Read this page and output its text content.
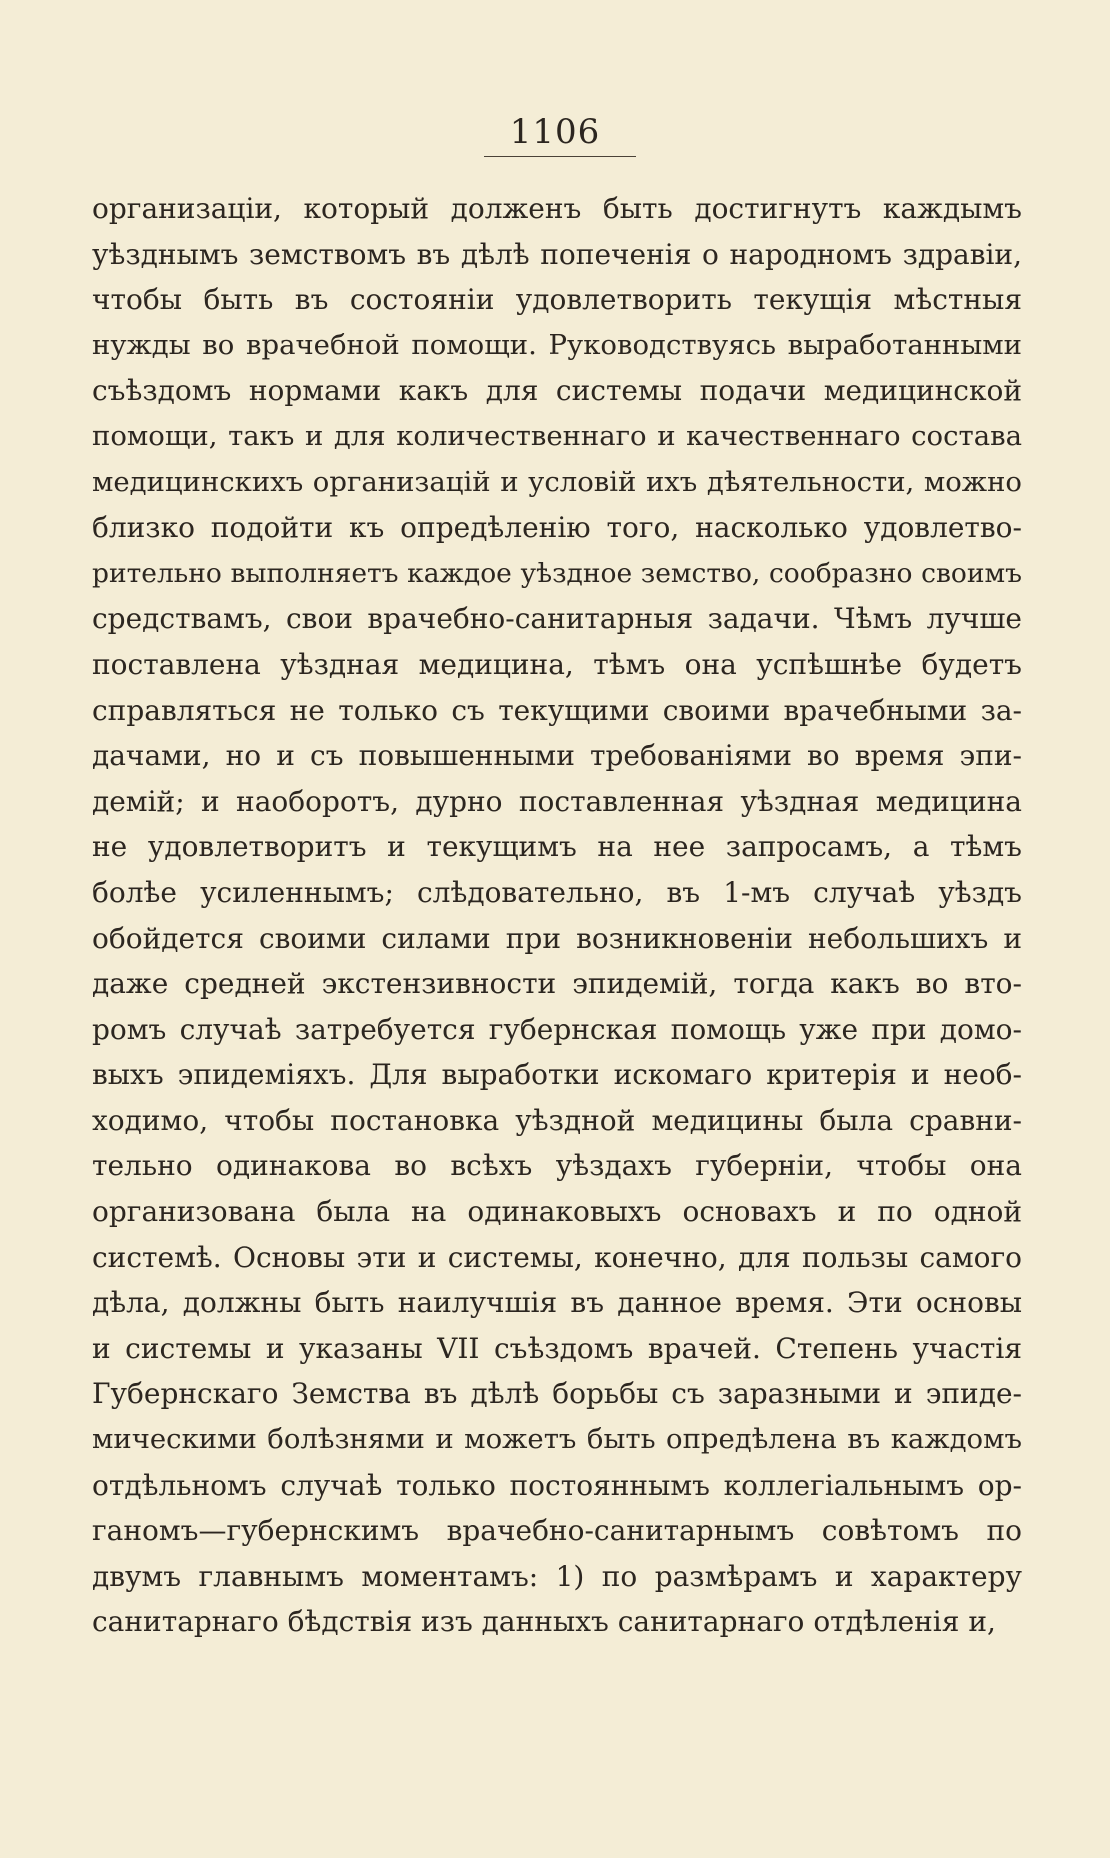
1106
организаціи, который долженъ быть достигнутъ каждымъ
уѣзднымъ земствомъ въ дѣлѣ попеченія о народномъ здравіи,
чтобы быть въ состояніи удовлетворить текущія мѣстныя
нужды во врачебной помощи. Руководствуясь выработанными
съѣздомъ нормами какъ для системы подачи медицинской
помощи, такъ и для количественнаго и качественнаго состава
медицинскихъ организацій и условій ихъ дѣятельности, можно
близко подойти къ опредѣленію того, насколько удовлетво-
рительно выполняетъ каждое уѣздное земство, сообразно своимъ
средствамъ, свои врачебно-санитарныя задачи. Чѣмъ лучше
поставлена уѣздная медицина, тѣмъ она успѣшнѣе будетъ
справляться не только съ текущими своими врачебными за-
дачами, но и съ повышенными требованіями во время эпи-
демій; и наоборотъ, дурно поставленная уѣздная медицина
не удовлетворитъ и текущимъ на нее запросамъ, а тѣмъ
болѣе усиленнымъ; слѣдовательно, въ 1-мъ случаѣ уѣздъ
обойдется своими силами при возникновеніи небольшихъ и
даже средней экстензивности эпидемій, тогда какъ во вто-
ромъ случаѣ затребуется губернская помощь уже при домо-
выхъ эпидеміяхъ. Для выработки искомаго критерія и необ-
ходимо, чтобы постановка уѣздной медицины была сравни-
тельно одинакова во всѣхъ уѣздахъ губерніи, чтобы она
организована была на одинаковыхъ основахъ и по одной
системѣ. Основы эти и системы, конечно, для пользы самого
дѣла, должны быть наилучшія въ данное время. Эти основы
и системы и указаны VII съѣздомъ врачей. Степень участія
Губернскаго Земства въ дѣлѣ борьбы съ заразными и эпиде-
мическими болѣзнями и можетъ быть опредѣлена въ каждомъ
отдѣльномъ случаѣ только постояннымъ коллегіальнымъ ор-
ганомъ—губернскимъ врачебно-санитарнымъ совѣтомъ по
двумъ главнымъ моментамъ: 1) по размѣрамъ и характеру
санитарнаго бѣдствія изъ данныхъ санитарнаго отдѣленія и,
